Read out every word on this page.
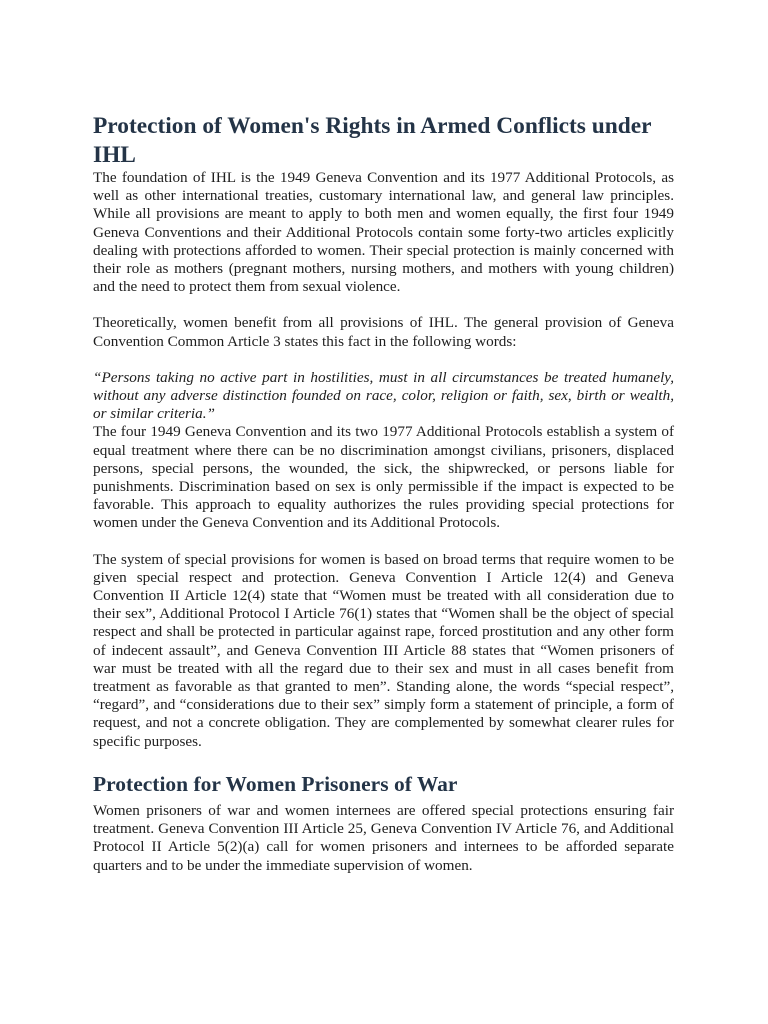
Protection of Women's Rights in Armed Conflicts under IHL

The foundation of IHL is the 1949 Geneva Convention and its 1977 Additional Protocols, as well as other international treaties, customary international law, and general law principles. While all provisions are meant to apply to both men and women equally, the first four 1949 Geneva Conventions and their Additional Protocols contain some forty-two articles explicitly dealing with protections afforded to women. Their special protection is mainly concerned with their role as mothers (pregnant mothers, nursing mothers, and mothers with young children) and the need to protect them from sexual violence.

Theoretically, women benefit from all provisions of IHL. The general provision of Geneva Convention Common Article 3 states this fact in the following words:

“Persons taking no active part in hostilities, must in all circumstances be treated humanely, without any adverse distinction founded on race, color, religion or faith, sex, birth or wealth, or similar criteria.”

The four 1949 Geneva Convention and its two 1977 Additional Protocols establish a system of equal treatment where there can be no discrimination amongst civilians, prisoners, displaced persons, special persons, the wounded, the sick, the shipwrecked, or persons liable for punishments. Discrimination based on sex is only permissible if the impact is expected to be favorable. This approach to equality authorizes the rules providing special protections for women under the Geneva Convention and its Additional Protocols.

The system of special provisions for women is based on broad terms that require women to be given special respect and protection. Geneva Convention I Article 12(4) and Geneva Convention II Article 12(4) state that “Women must be treated with all consideration due to their sex”, Additional Protocol I Article 76(1) states that “Women shall be the object of special respect and shall be protected in particular against rape, forced prostitution and any other form of indecent assault”, and Geneva Convention III Article 88 states that “Women prisoners of war must be treated with all the regard due to their sex and must in all cases benefit from treatment as favorable as that granted to men”. Standing alone, the words “special respect”, “regard”, and “considerations due to their sex” simply form a statement of principle, a form of request, and not a concrete obligation. They are complemented by somewhat clearer rules for specific purposes.

Protection for Women Prisoners of War

Women prisoners of war and women internees are offered special protections ensuring fair treatment. Geneva Convention III Article 25, Geneva Convention IV Article 76, and Additional Protocol II Article 5(2)(a) call for women prisoners and internees to be afforded separate quarters and to be under the immediate supervision of women.
